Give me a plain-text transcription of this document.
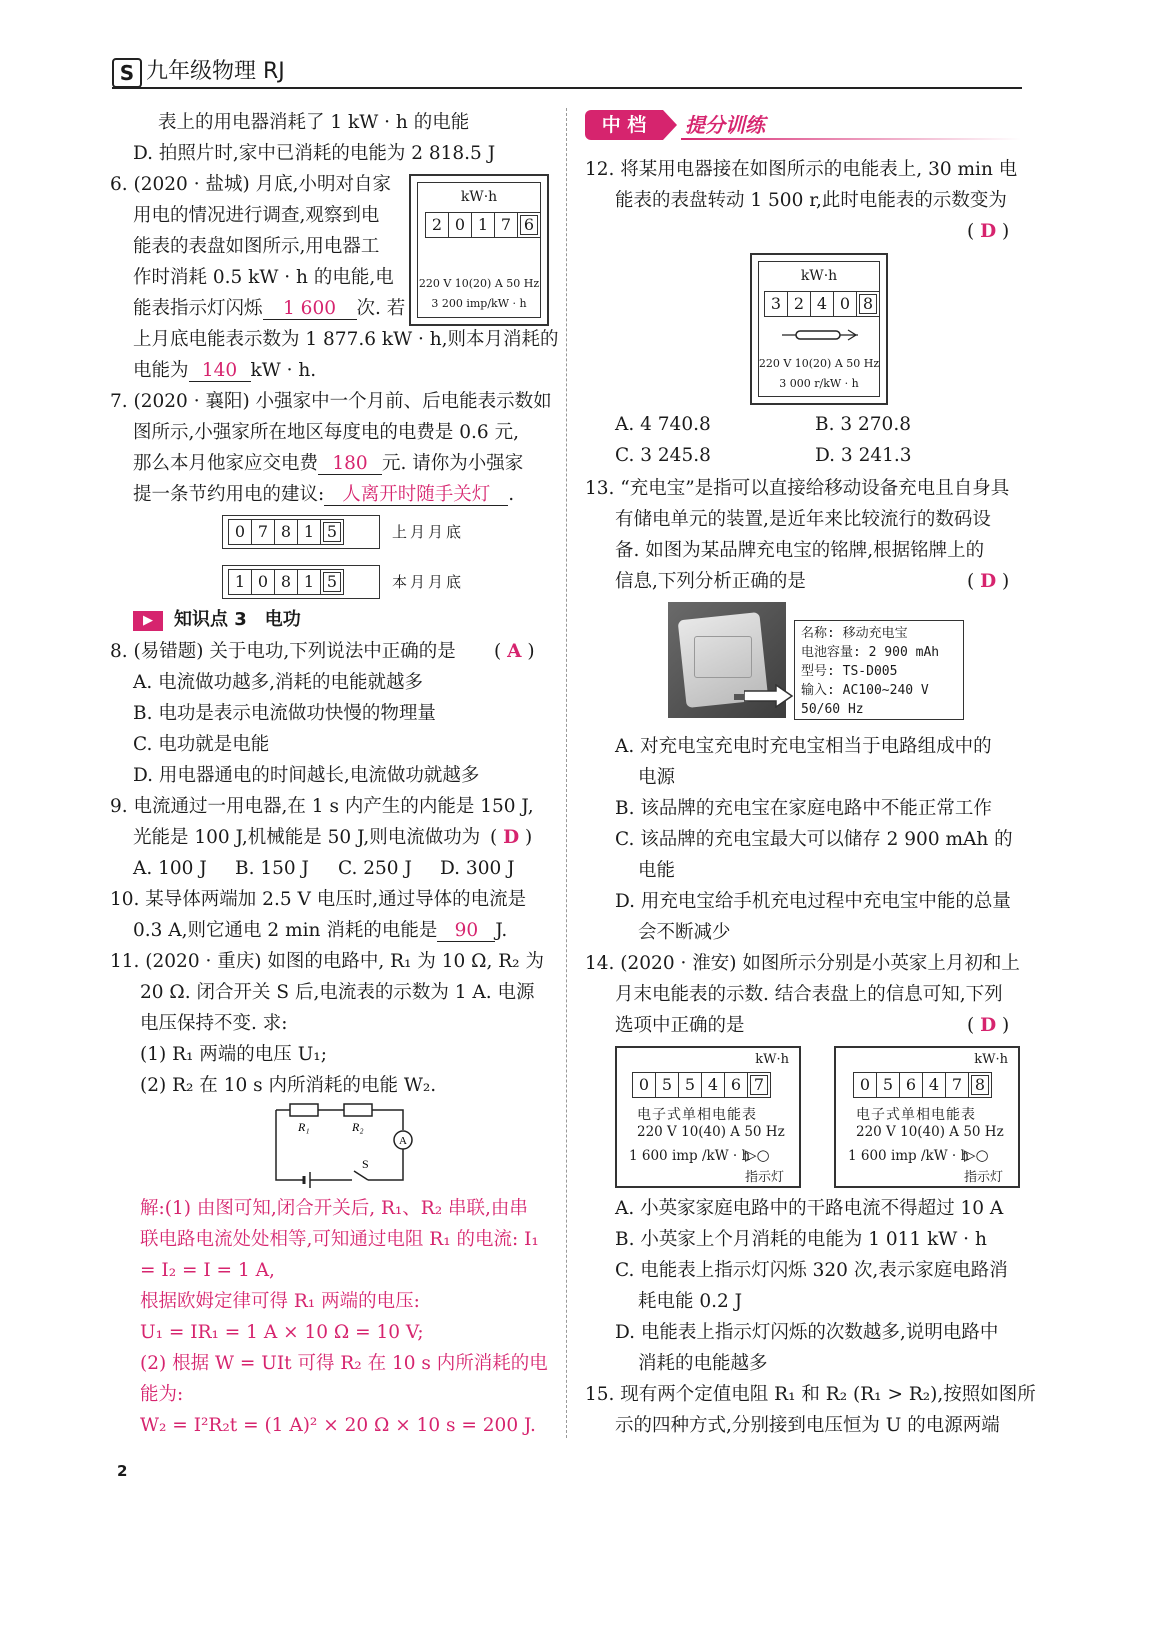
S 九年级物理 RJ
表上的用电器消耗了 1 kW · h 的电能
D. 拍照片时,家中已消耗的电能为 2 818.5 J
6. (2020 · 盐城) 月底,小明对自家
用电的情况进行调查,观察到电
能表的表盘如图所示,用电器工
作时消耗 0.5 kW · h 的电能,电
能表指示灯闪烁 1 600 次. 若
上月底电能表示数为 1 877.6 kW · h,则本月消耗的
电能为 140 kW · h.
kW·h
2 0 1 7 6
220 V 10(20) A 50 Hz
3 200 imp/kW · h
7. (2020 · 襄阳) 小强家中一个月前、后电能表示数如
图所示,小强家所在地区每度电的电费是 0.6 元,
那么本月他家应交电费 180 元. 请你为小强家
提一条节约用电的建议: 人离开时随手关灯 .
0 7 8 1 5	上月月底
1 0 8 1 5	本月月底
▶	知识点 3　电功
8. (易错题) 关于电功,下列说法中正确的是 ( A )
A. 电流做功越多,消耗的电能就越多
B. 电功是表示电流做功快慢的物理量
C. 电功就是电能
D. 用电器通电的时间越长,电流做功就越多
9. 电流通过一用电器,在 1 s 内产生的内能是 150 J,
光能是 100 J,机械能是 50 J,则电流做功为 ( D )
A. 100 J B. 150 J C. 250 J D. 300 J
10. 某导体两端加 2.5 V 电压时,通过导体的电流是
0.3 A,则它通电 2 min 消耗的电能是 90 J.
11. (2020 · 重庆) 如图的电路中, R₁ 为 10 Ω, R₂ 为
20 Ω. 闭合开关 S 后,电流表的示数为 1 A. 电源
电压保持不变. 求:
(1) R₁ 两端的电压 U₁;
(2) R₂ 在 10 s 内所消耗的电能 W₂.
R₁	R₂
A
S
解:(1) 由图可知,闭合开关后, R₁、R₂ 串联,由串
联电路电流处处相等,可知通过电阻 R₁ 的电流: I₁
= I₂ = I = 1 A,
根据欧姆定律可得 R₁ 两端的电压:
U₁ = IR₁ = 1 A × 10 Ω = 10 V;
(2) 根据 W = UIt 可得 R₂ 在 10 s 内所消耗的电
能为:
W₂ = I²R₂t = (1 A)² × 20 Ω × 10 s = 200 J.
中 档	提分训练
12. 将某用电器接在如图所示的电能表上, 30 min 电
能表的表盘转动 1 500 r,此时电能表的示数变为
( D )
kW·h
3 2 4 0 8
220 V 10(20) A 50 Hz
3 000 r/kW · h
A. 4 740.8	B. 3 270.8
C. 3 245.8	D. 3 241.3
13. “充电宝”是指可以直接给移动设备充电且自身具
有储电单元的装置,是近年来比较流行的数码设
备. 如图为某品牌充电宝的铭牌,根据铭牌上的
信息,下列分析正确的是	( D )
名称: 移动充电宝
电池容量: 2 900 mAh
型号: TS-D005
输入: AC100~240 V
50/60 Hz
A. 对充电宝充电时充电宝相当于电路组成中的
电源
B. 该品牌的充电宝在家庭电路中不能正常工作
C. 该品牌的充电宝最大可以储存 2 900 mAh 的
电能
D. 用充电宝给手机充电过程中充电宝中能的总量
会不断减少
14. (2020 · 淮安) 如图所示分别是小英家上月初和上
月末电能表的示数. 结合表盘上的信息可知,下列
选项中正确的是	( D )
kW·h
0 5 5 4 6 7
电子式单相电能表
220 V 10(40) A 50 Hz
1 600 imp /kW · h
▷○
指示灯
kW·h
0 5 6 4 7 8
电子式单相电能表
220 V 10(40) A 50 Hz
1 600 imp /kW · h
▷○
指示灯
A. 小英家家庭电路中的干路电流不得超过 10 A
B. 小英家上个月消耗的电能为 1 011 kW · h
C. 电能表上指示灯闪烁 320 次,表示家庭电路消
耗电能 0.2 J
D. 电能表上指示灯闪烁的次数越多,说明电路中
消耗的电能越多
15. 现有两个定值电阻 R₁ 和 R₂ (R₁ > R₂),按照如图所
示的四种方式,分别接到电压恒为 U 的电源两端
2
